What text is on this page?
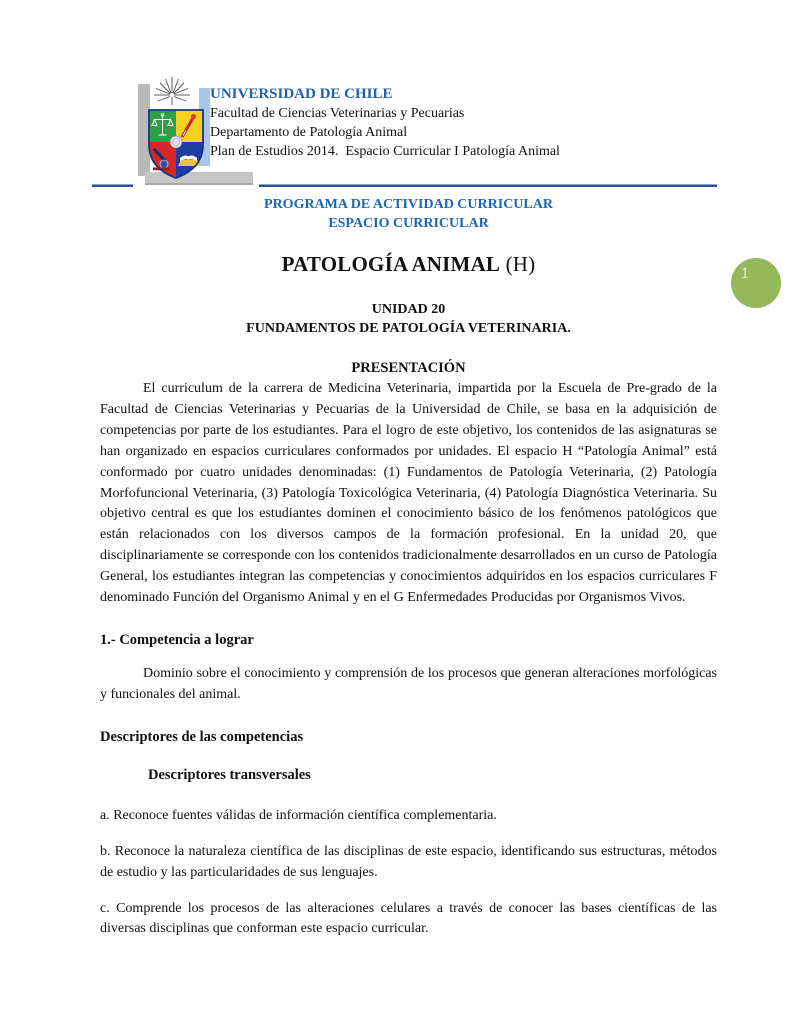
UNIVERSIDAD DE CHILE
Facultad de Ciencias Veterinarias y Pecuarias
Departamento de Patología Animal
Plan de Estudios 2014.  Espacio Curricular I Patología Animal
1
PROGRAMA DE ACTIVIDAD CURRICULAR
ESPACIO CURRICULAR
PATOLOGÍA ANIMAL (H)
UNIDAD 20
FUNDAMENTOS DE PATOLOGÍA VETERINARIA.
PRESENTACIÓN
El curriculum de la carrera de Medicina Veterinaria, impartida por la Escuela de Pre-grado de la Facultad de Ciencias Veterinarias y Pecuarias de la Universidad de Chile, se basa en la adquisición de competencias por parte de los estudiantes. Para el logro de este objetivo, los contenidos de las asignaturas se han organizado en espacios curriculares conformados por unidades. El espacio H “Patología Animal” está conformado por cuatro unidades denominadas: (1) Fundamentos de Patología Veterinaria, (2) Patología Morfofuncional Veterinaria, (3) Patología Toxicológica Veterinaria, (4) Patología Diagnóstica Veterinaria. Su objetivo central es que los estudiantes dominen el conocimiento básico de los fenómenos patológicos que están relacionados con los diversos campos de la formación profesional. En la unidad 20, que disciplinariamente se corresponde con los contenidos tradicionalmente desarrollados en un curso de Patología General, los estudiantes integran las competencias y conocimientos adquiridos en los espacios curriculares F denominado Función del Organismo Animal y en el G Enfermedades Producidas por Organismos Vivos.
1.- Competencia a lograr
Dominio sobre el conocimiento y comprensión de los procesos que generan alteraciones morfológicas y funcionales del animal.
Descriptores de las competencias
Descriptores transversales
a. Reconoce fuentes válidas de información científica complementaria.
b. Reconoce la naturaleza científica de las disciplinas de este espacio, identificando sus estructuras, métodos de estudio y las particularidades de sus lenguajes.
c. Comprende los procesos de las alteraciones celulares a través de conocer las bases científicas de las diversas disciplinas que conforman este espacio curricular.
